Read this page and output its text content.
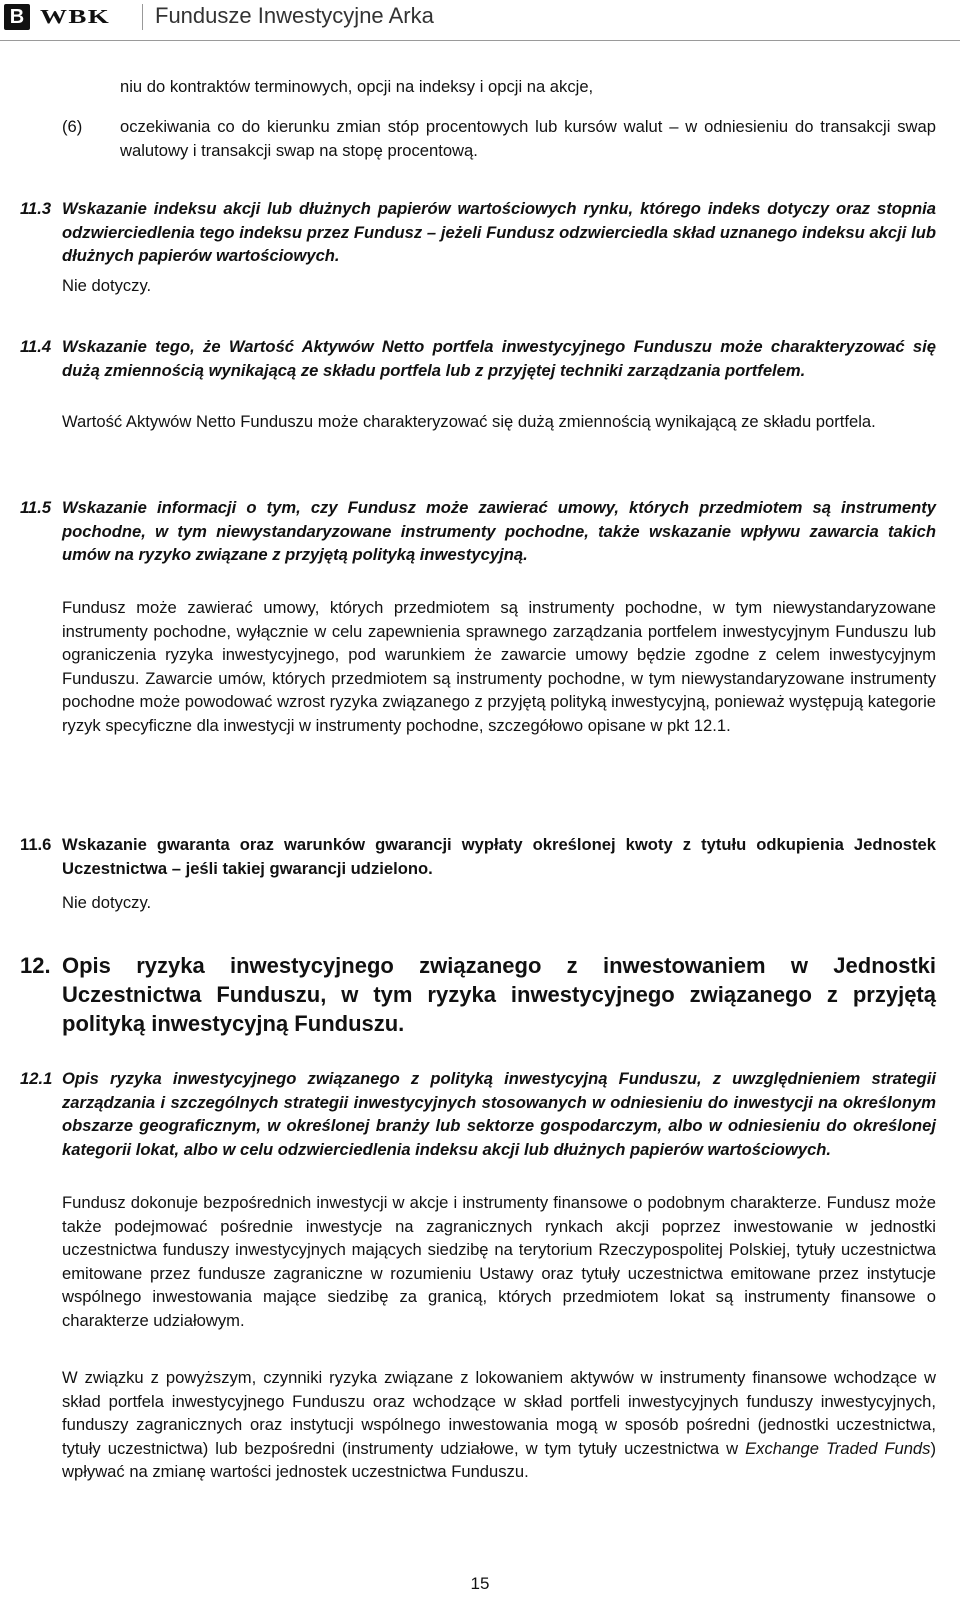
B WBK Fundusze Inwestycyjne Arka
niu do kontraktów terminowych, opcji na indeksy i opcji na akcje,
(6) oczekiwania co do kierunku zmian stóp procentowych lub kursów walut – w odniesieniu do transakcji swap walutowy i transakcji swap na stopę procentową.
11.3 Wskazanie indeksu akcji lub dłużnych papierów wartościowych rynku, którego indeks dotyczy oraz stopnia odzwierciedlenia tego indeksu przez Fundusz – jeżeli Fundusz odzwierciedla skład uznanego indeksu akcji lub dłużnych papierów wartościowych.
Nie dotyczy.
11.4 Wskazanie tego, że Wartość Aktywów Netto portfela inwestycyjnego Funduszu może charakteryzować się dużą zmiennością wynikającą ze składu portfela lub z przyjętej techniki zarządzania portfelem.
Wartość Aktywów Netto Funduszu może charakteryzować się dużą zmiennością wynikającą ze składu portfela.
11.5 Wskazanie informacji o tym, czy Fundusz może zawierać umowy, których przedmiotem są instrumenty pochodne, w tym niewystandaryzowane instrumenty pochodne, także wskazanie wpływu zawarcia takich umów na ryzyko związane z przyjętą polityką inwestycyjną.
Fundusz może zawierać umowy, których przedmiotem są instrumenty pochodne, w tym niewystandaryzowane instrumenty pochodne, wyłącznie w celu zapewnienia sprawnego zarządzania portfelem inwestycyjnym Funduszu lub ograniczenia ryzyka inwestycyjnego, pod warunkiem że zawarcie umowy będzie zgodne z celem inwestycyjnym Funduszu. Zawarcie umów, których przedmiotem są instrumenty pochodne, w tym niewystandaryzowane instrumenty pochodne może powodować wzrost ryzyka związanego z przyjętą polityką inwestycyjną, ponieważ występują kategorie ryzyk specyficzne dla inwestycji w instrumenty pochodne, szczegółowo opisane w pkt 12.1.
11.6 Wskazanie gwaranta oraz warunków gwarancji wypłaty określonej kwoty z tytułu odkupienia Jednostek Uczestnictwa – jeśli takiej gwarancji udzielono.
Nie dotyczy.
12. Opis ryzyka inwestycyjnego związanego z inwestowaniem w Jednostki Uczestnictwa Funduszu, w tym ryzyka inwestycyjnego związanego z przyjętą polityką inwestycyjną Funduszu.
12.1 Opis ryzyka inwestycyjnego związanego z polityką inwestycyjną Funduszu, z uwzględnieniem strategii zarządzania i szczególnych strategii inwestycyjnych stosowanych w odniesieniu do inwestycji na określonym obszarze geograficznym, w określonej branży lub sektorze gospodarczym, albo w odniesieniu do określonej kategorii lokat, albo w celu odzwierciedlenia indeksu akcji lub dłużnych papierów wartościowych.
Fundusz dokonuje bezpośrednich inwestycji w akcje i instrumenty finansowe o podobnym charakterze. Fundusz może także podejmować pośrednie inwestycje na zagranicznych rynkach akcji poprzez inwestowanie w jednostki uczestnictwa funduszy inwestycyjnych mających siedzibę na terytorium Rzeczypospolitej Polskiej, tytuły uczestnictwa emitowane przez fundusze zagraniczne w rozumieniu Ustawy oraz tytuły uczestnictwa emitowane przez instytucje wspólnego inwestowania mające siedzibę za granicą, których przedmiotem lokat są instrumenty finansowe o charakterze udziałowym.
W związku z powyższym, czynniki ryzyka związane z lokowaniem aktywów w instrumenty finansowe wchodzące w skład portfela inwestycyjnego Funduszu oraz wchodzące w skład portfeli inwestycyjnych funduszy inwestycyjnych, funduszy zagranicznych oraz instytucji wspólnego inwestowania mogą w sposób pośredni (jednostki uczestnictwa, tytuły uczestnictwa) lub bezpośredni (instrumenty udziałowe, w tym tytuły uczestnictwa w Exchange Traded Funds) wpływać na zmianę wartości jednostek uczestnictwa Funduszu.
15
